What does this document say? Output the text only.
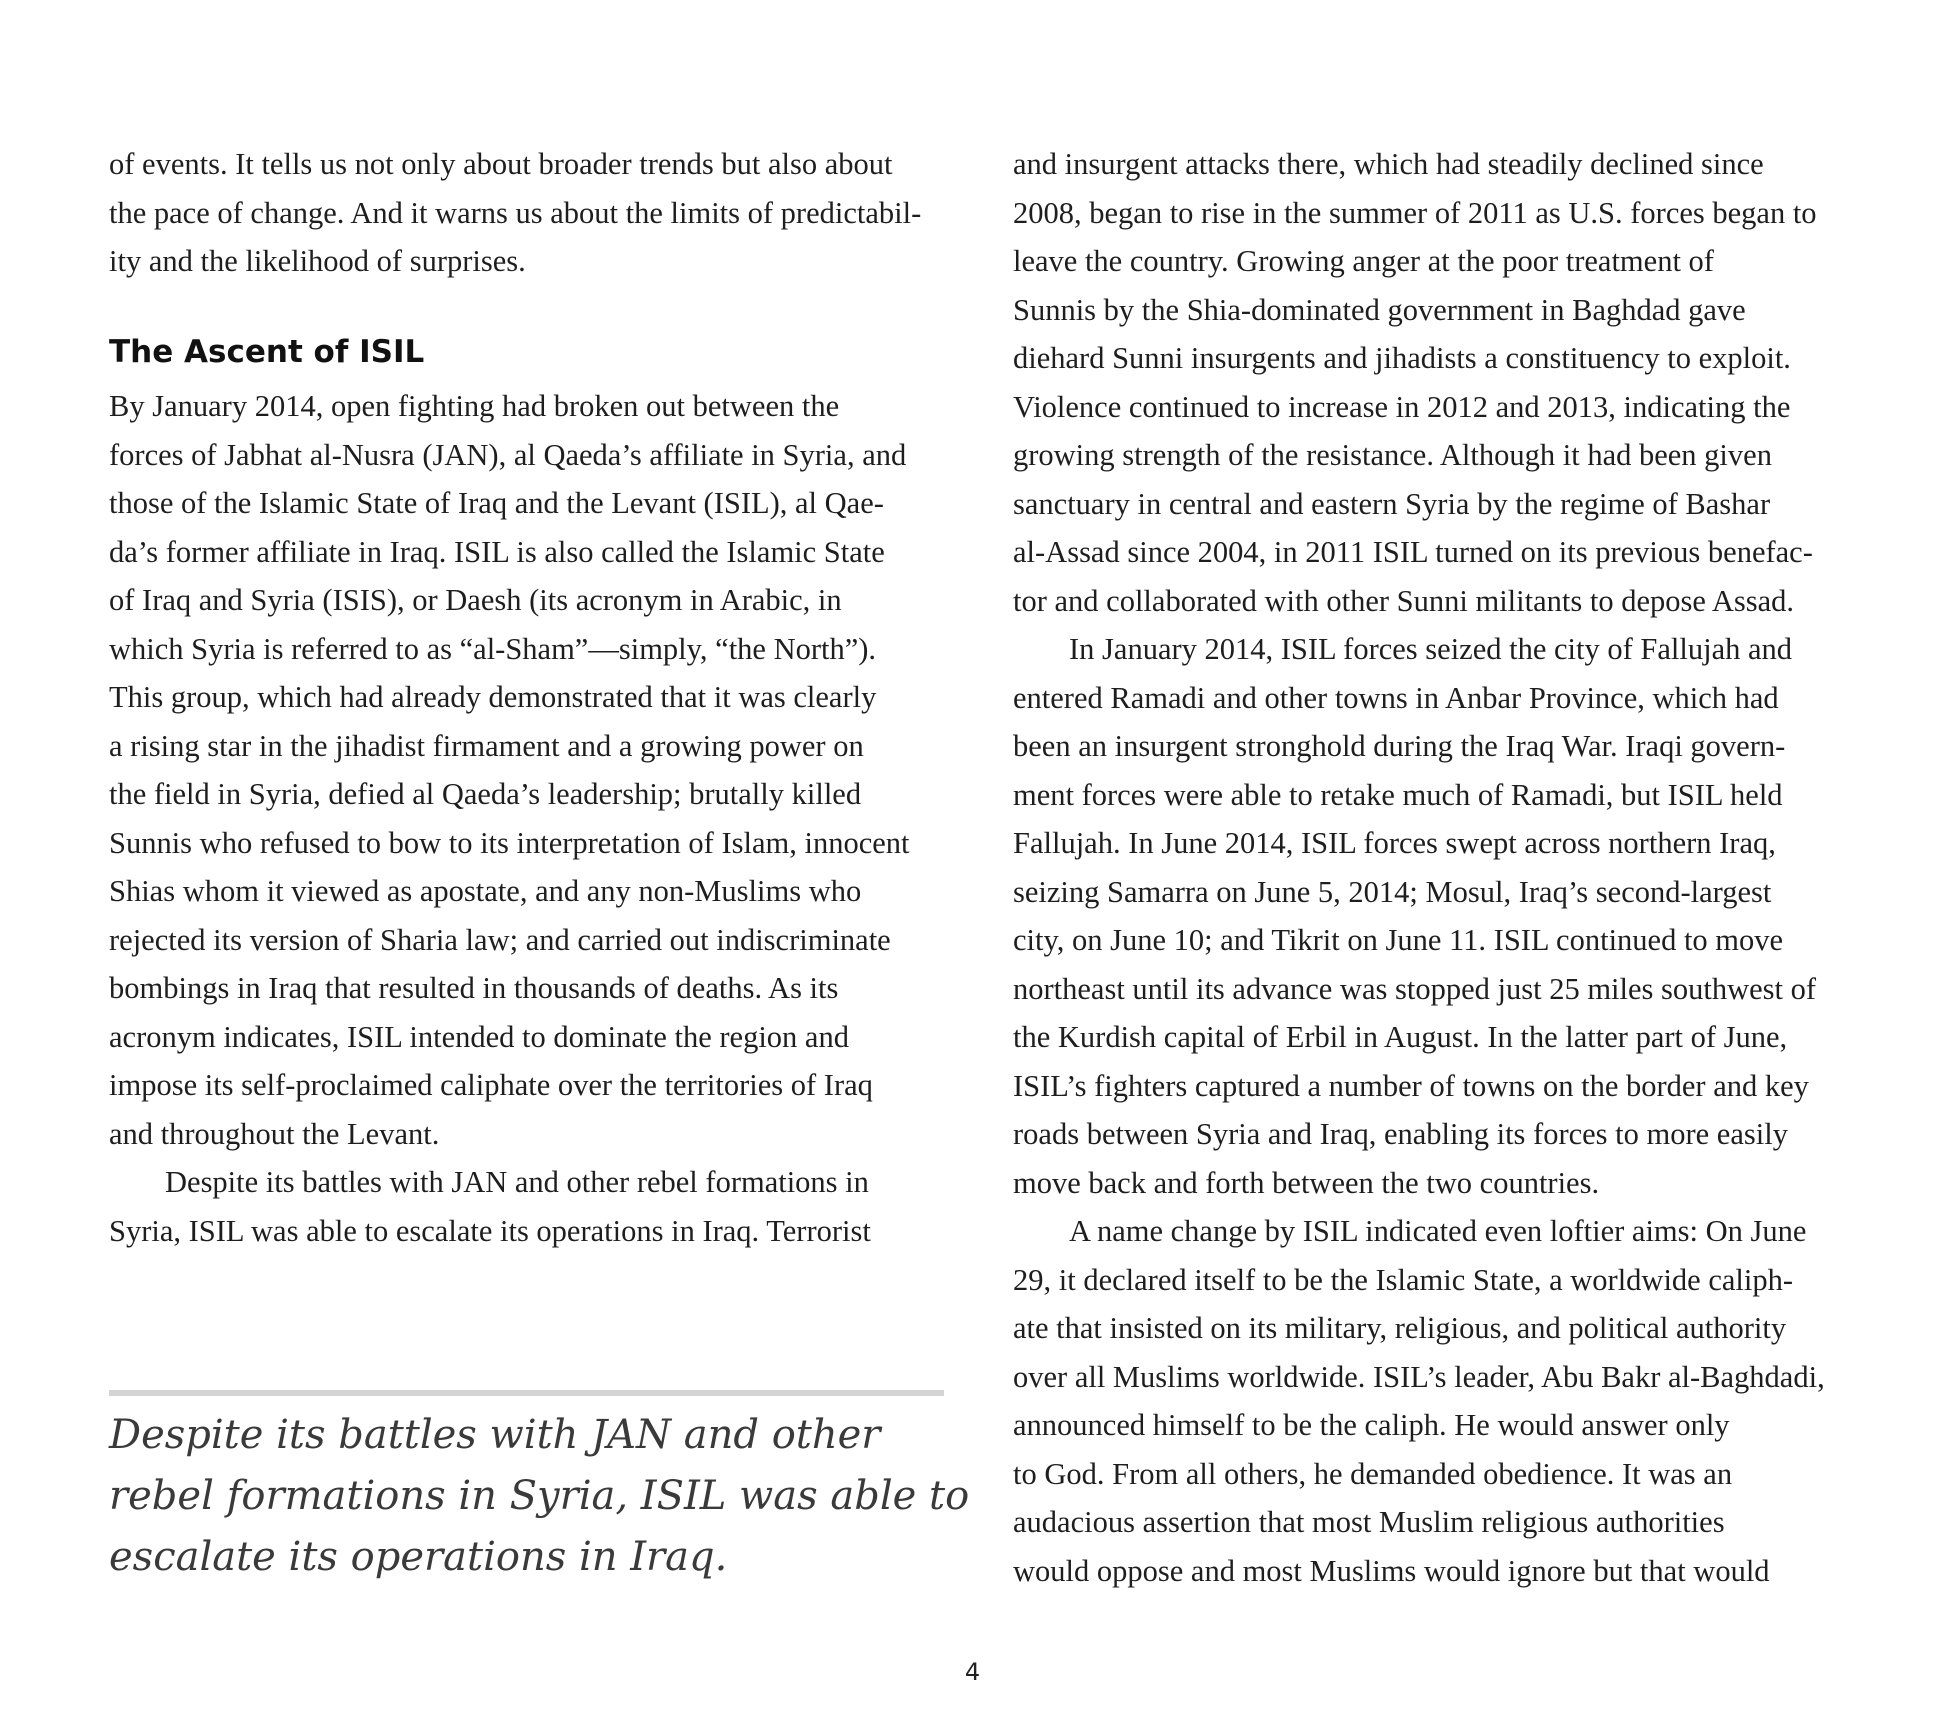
of events. It tells us not only about broader trends but also about
the pace of change. And it warns us about the limits of predictabil-
ity and the likelihood of surprises.
The Ascent of ISIL
By January 2014, open fighting had broken out between the
forces of Jabhat al-Nusra (JAN), al Qaeda’s affiliate in Syria, and
those of the Islamic State of Iraq and the Levant (ISIL), al Qae-
da’s former affiliate in Iraq. ISIL is also called the Islamic State
of Iraq and Syria (ISIS), or Daesh (its acronym in Arabic, in
which Syria is referred to as “al-Sham”—simply, “the North”).
This group, which had already demonstrated that it was clearly
a rising star in the jihadist firmament and a growing power on
the field in Syria, defied al Qaeda’s leadership; brutally killed
Sunnis who refused to bow to its interpretation of Islam, innocent
Shias whom it viewed as apostate, and any non-Muslims who
rejected its version of Sharia law; and carried out indiscriminate
bombings in Iraq that resulted in thousands of deaths. As its
acronym indicates, ISIL intended to dominate the region and
impose its self-proclaimed caliphate over the territories of Iraq
and throughout the Levant.
Despite its battles with JAN and other rebel formations in
Syria, ISIL was able to escalate its operations in Iraq. Terrorist
Despite its battles with JAN and other
rebel formations in Syria, ISIL was able to
escalate its operations in Iraq.
and insurgent attacks there, which had steadily declined since
2008, began to rise in the summer of 2011 as U.S. forces began to
leave the country. Growing anger at the poor treatment of
Sunnis by the Shia-dominated government in Baghdad gave
diehard Sunni insurgents and jihadists a constituency to exploit.
Violence continued to increase in 2012 and 2013, indicating the
growing strength of the resistance. Although it had been given
sanctuary in central and eastern Syria by the regime of Bashar
al-Assad since 2004, in 2011 ISIL turned on its previous benefac-
tor and collaborated with other Sunni militants to depose Assad.
In January 2014, ISIL forces seized the city of Fallujah and
entered Ramadi and other towns in Anbar Province, which had
been an insurgent stronghold during the Iraq War. Iraqi govern-
ment forces were able to retake much of Ramadi, but ISIL held
Fallujah. In June 2014, ISIL forces swept across northern Iraq,
seizing Samarra on June 5, 2014; Mosul, Iraq’s second-largest
city, on June 10; and Tikrit on June 11. ISIL continued to move
northeast until its advance was stopped just 25 miles southwest of
the Kurdish capital of Erbil in August. In the latter part of June,
ISIL’s fighters captured a number of towns on the border and key
roads between Syria and Iraq, enabling its forces to more easily
move back and forth between the two countries.
A name change by ISIL indicated even loftier aims: On June
29, it declared itself to be the Islamic State, a worldwide caliph-
ate that insisted on its military, religious, and political authority
over all Muslims worldwide. ISIL’s leader, Abu Bakr al-Baghdadi,
announced himself to be the caliph. He would answer only
to God. From all others, he demanded obedience. It was an
audacious assertion that most Muslim religious authorities
would oppose and most Muslims would ignore but that would
4
